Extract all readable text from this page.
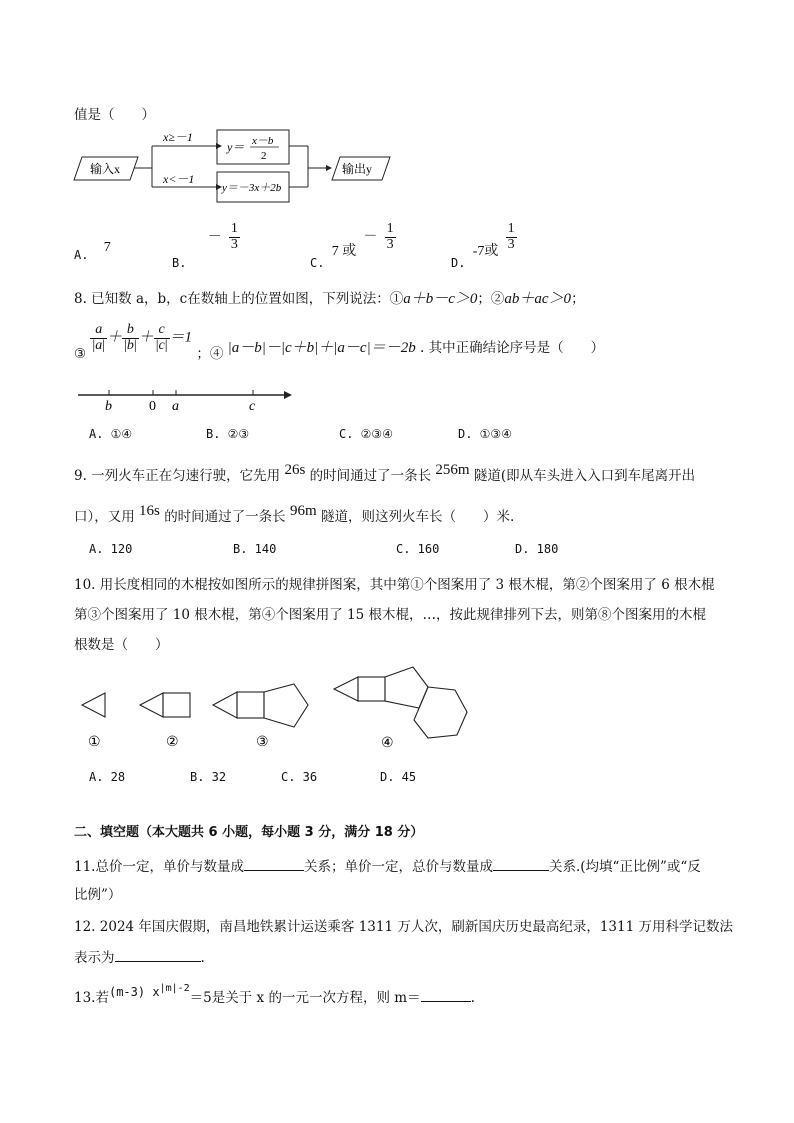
值是（　　）
输入x
x≥－1
x<－1
y＝ x－b
2
y＝－3x＋2b
输出y
A. 7
B. － $\frac{1}{3}$
C. 7 或 － $\frac{1}{3}$
D. -7或 $\frac{1}{3}$
8. 已知数 a，b，c在数轴上的位置如图，下列说法：①a＋b－c＞0；②ab＋ac＞0；
③
$\frac{a}{|a|} + \frac{b}{|b|} + \frac{c}{|c|} =1$ ；④ |a－b|－|c＋b|＋|a－c|＝－2b . 其中正确结论序号是（　　）
b	0 a	c
A. ①④	B. ②③	C. ②③④	D. ①③④
9. 一列火车正在匀速行驶，它先用 26s 的时间通过了一条长 256m 隧道(即从车头进入入口到车尾离开出
口），又用 16s 的时间通过了一条长 96m 隧道，则这列火车长（　　）米.
A. 120	B. 140	C. 160	D. 180
10. 用长度相同的木棍按如图所示的规律拼图案，其中第①个图案用了 3 根木棍，第②个图案用了 6 根木棍
第③个图案用了 10 根木棍，第④个图案用了 15 根木棍，…，按此规律排列下去，则第⑧个图案用的木棍
根数是（　　）
①	②	③	④
A. 28	B. 32	C. 36	D. 45
二、填空题（本大题共 6 小题，每小题 3 分，满分 18 分）
11.总价一定，单价与数量成	关系；单价一定，总价与数量成	关系.(均填“正比例”或“反
比例”）
12. 2024 年国庆假期，南昌地铁累计运送乘客 1311 万人次，刷新国庆历史最高纪录，1311 万用科学记数法
表示为	.
13.若(m-3) $x^{|m|-2}=5$是关于 x 的一元一次方程，则 m＝	.
